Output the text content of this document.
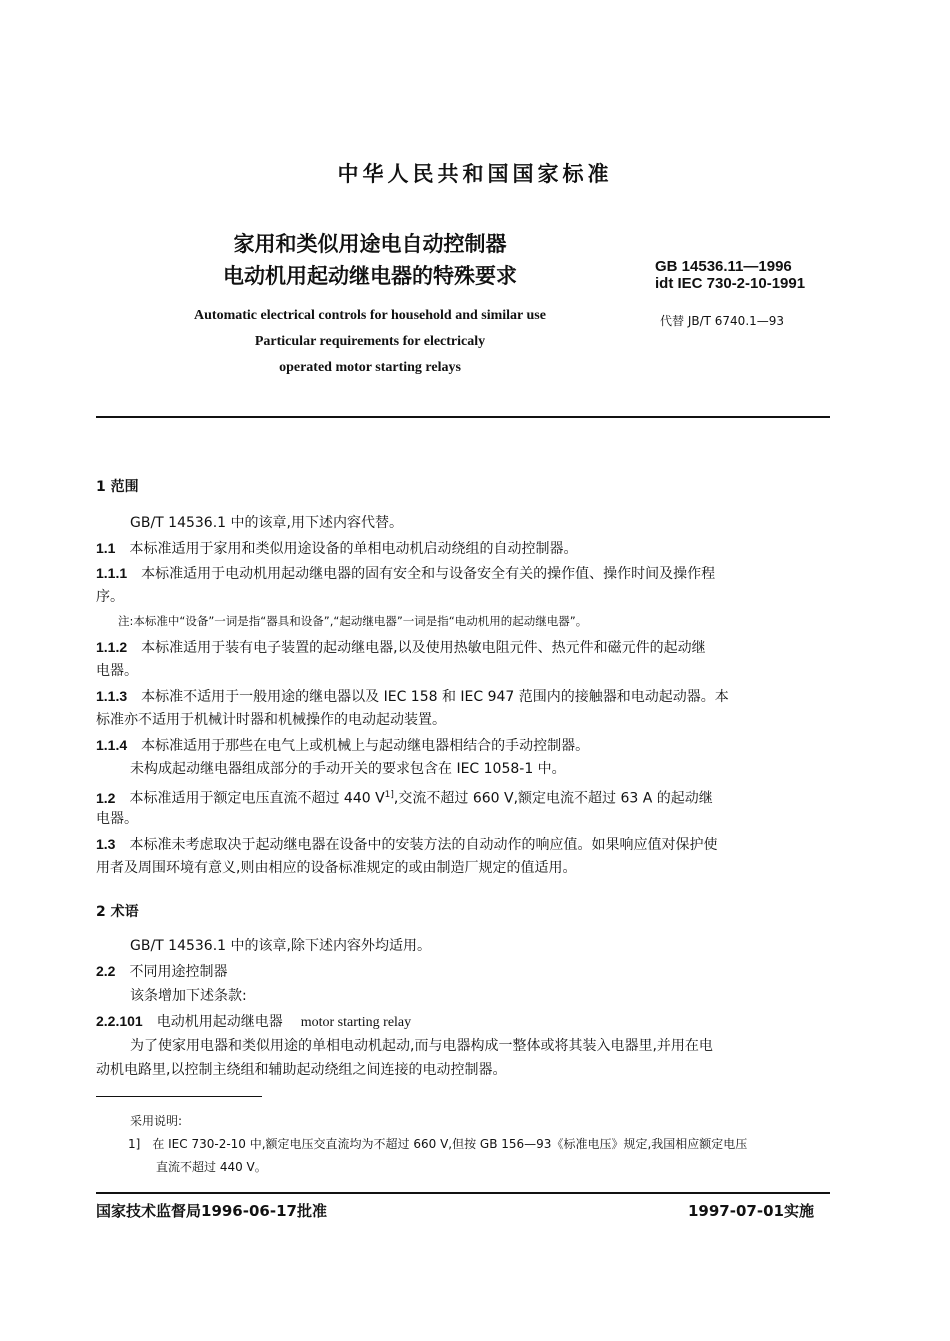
中华人民共和国国家标准
家用和类似用途电自动控制器
电动机用起动继电器的特殊要求	GB 14536.11—1996
idt IEC 730-2-10-1991
Automatic electrical controls for household and similar use
Particular requirements for electricaly
operated motor starting relays
代替 JB/T 6740.1—93
1 范围
GB/T 14536.1 中的该章,用下述内容代替。
1.1 本标准适用于家用和类似用途设备的单相电动机启动绕组的自动控制器。
1.1.1 本标准适用于电动机用起动继电器的固有安全和与设备安全有关的操作值、操作时间及操作程
序。
注:本标准中“设备”一词是指“器具和设备”,“起动继电器”一词是指“电动机用的起动继电器”。
1.1.2 本标准适用于装有电子装置的起动继电器,以及使用热敏电阻元件、热元件和磁元件的起动继
电器。
1.1.3 本标准不适用于一般用途的继电器以及 IEC 158 和 IEC 947 范围内的接触器和电动起动器。本
标准亦不适用于机械计时器和机械操作的电动起动装置。
1.1.4 本标准适用于那些在电气上或机械上与起动继电器相结合的手动控制器。
未构成起动继电器组成部分的手动开关的要求包含在 IEC 1058-1 中。
1.2 本标准适用于额定电压直流不超过 440 $V^{1]}$,交流不超过 660 V,额定电流不超过 63 A 的起动继
电器。
1.3 本标准未考虑取决于起动继电器在设备中的安装方法的自动动作的响应值。如果响应值对保护使
用者及周围环境有意义,则由相应的设备标准规定的或由制造厂规定的值适用。
2 术语
GB/T 14536.1 中的该章,除下述内容外均适用。
2.2 不同用途控制器
该条增加下述条款:
2.2.101 电动机用起动继电器 motor starting relay
为了使家用电器和类似用途的单相电动机起动,而与电器构成一整体或将其装入电器里,并用在电
动机电路里,以控制主绕组和辅助起动绕组之间连接的电动控制器。
采用说明:
1] 在 IEC 730-2-10 中,额定电压交直流均为不超过 660 V,但按 GB 156—93《标准电压》规定,我国相应额定电压
直流不超过 440 V。
国家技术监督局1996-06-17批准	1997-07-01实施
